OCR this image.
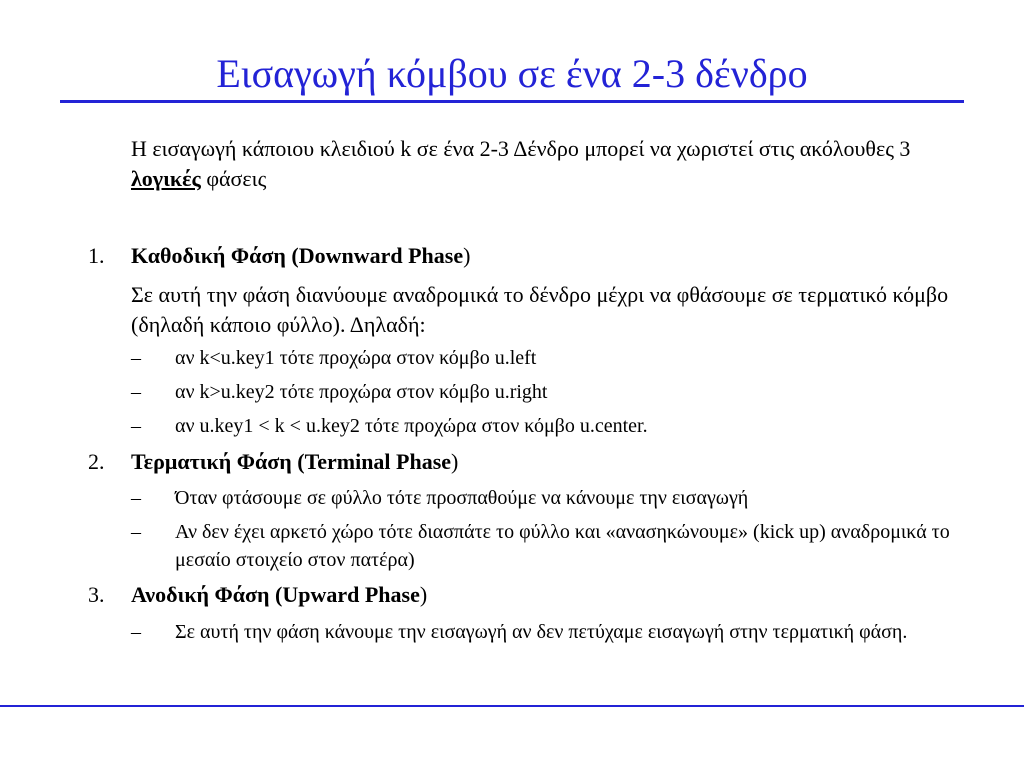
Εισαγωγή κόμβου σε ένα 2-3 δένδρο
Η εισαγωγή κάποιου κλειδιού k σε ένα 2-3 Δένδρο μπορεί να χωριστεί στις ακόλουθες 3 λογικές φάσεις
1. Καθοδική Φάση (Downward Phase)
Σε αυτή την φάση διανύουμε αναδρομικά το δένδρο μέχρι να φθάσουμε σε τερματικό κόμβο (δηλαδή κάποιο φύλλο). Δηλαδή:
–	αν k<u.key1 τότε προχώρα στον κόμβο u.left
–	αν k>u.key2 τότε προχώρα στον κόμβο u.right
–	αν u.key1 < k < u.key2 τότε προχώρα στον κόμβο u.center.
2. Τερματική Φάση (Terminal Phase)
–	Όταν φτάσουμε σε φύλλο τότε προσπαθούμε να κάνουμε την εισαγωγή
–	Αν δεν έχει αρκετό χώρο τότε διασπάτε το φύλλο και «ανασηκώνουμε» (kick up) αναδρομικά το μεσαίο στοιχείο στον πατέρα)
3. Ανοδική Φάση (Upward Phase)
–	Σε αυτή την φάση κάνουμε την εισαγωγή αν δεν πετύχαμε εισαγωγή στην τερματική φάση.
